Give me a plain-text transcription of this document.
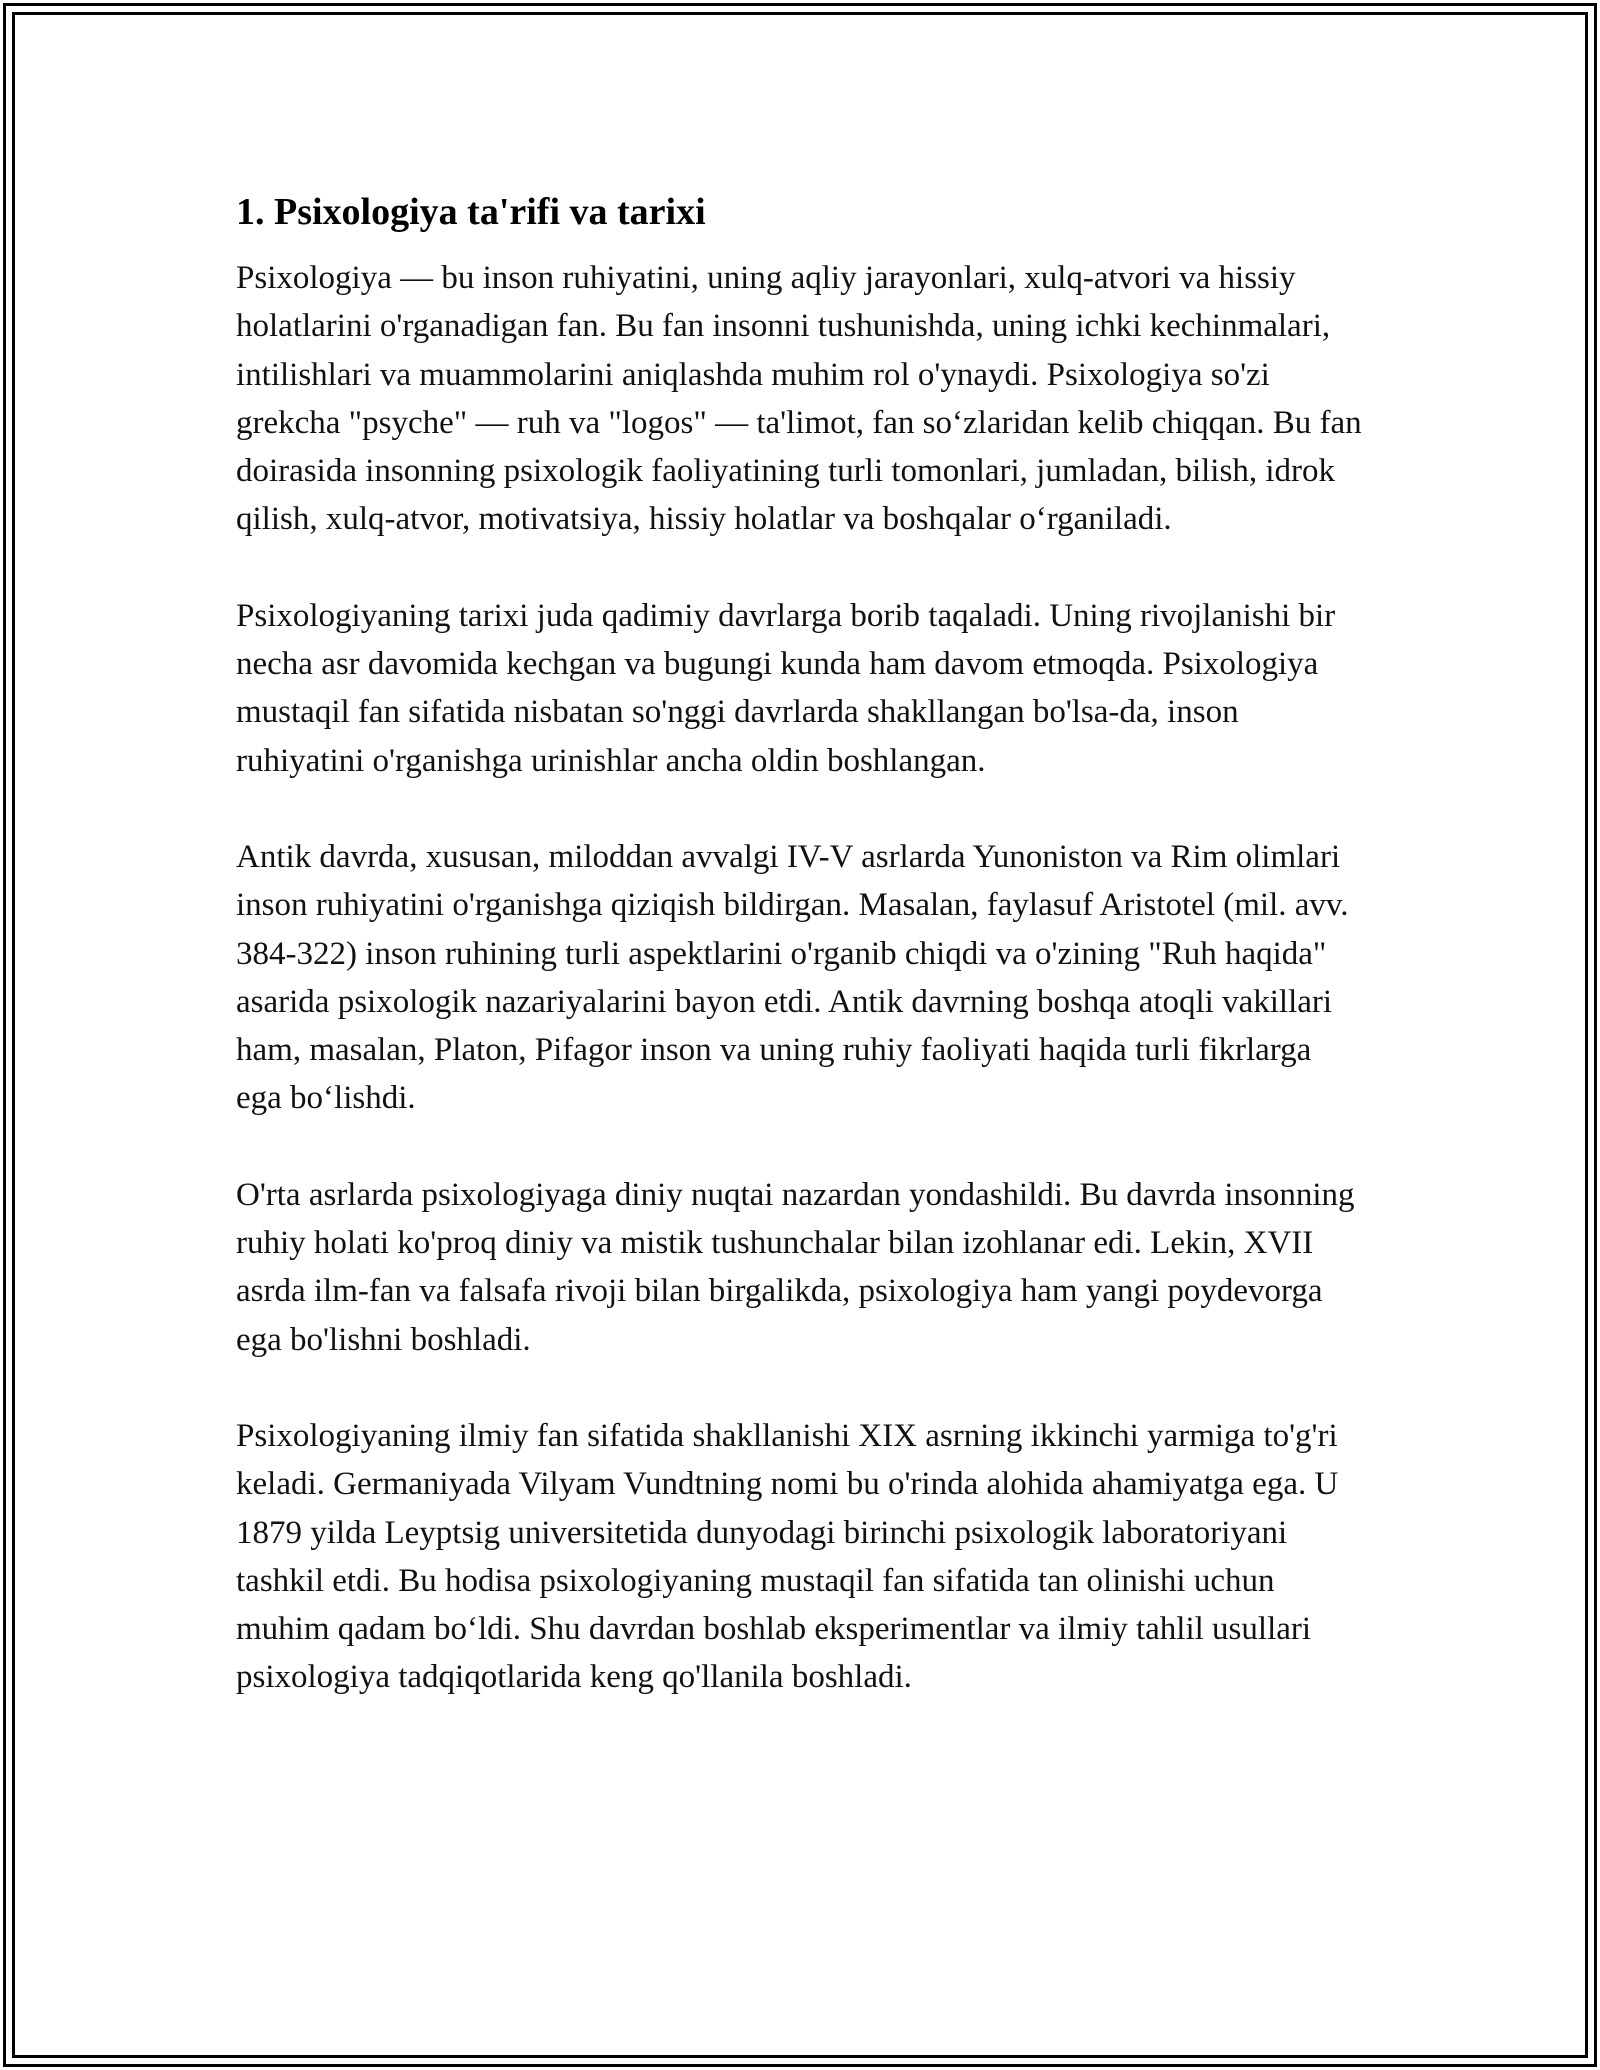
1. Psixologiya ta'rifi va tarixi

Psixologiya — bu inson ruhiyatini, uning aqliy jarayonlari, xulq-atvori va hissiy holatlarini o'rganadigan fan. Bu fan insonni tushunishda, uning ichki kechinmalari, intilishlari va muammolarini aniqlashda muhim rol o'ynaydi. Psixologiya so'zi grekcha "psyche" — ruh va "logos" — ta'limot, fan so‘zlaridan kelib chiqqan. Bu fan doirasida insonning psixologik faoliyatining turli tomonlari, jumladan, bilish, idrok qilish, xulq-atvor, motivatsiya, hissiy holatlar va boshqalar o‘rganiladi.

Psixologiyaning tarixi juda qadimiy davrlarga borib taqaladi. Uning rivojlanishi bir necha asr davomida kechgan va bugungi kunda ham davom etmoqda. Psixologiya mustaqil fan sifatida nisbatan so'nggi davrlarda shakllangan bo'lsa-da, inson ruhiyatini o'rganishga urinishlar ancha oldin boshlangan.

Antik davrda, xususan, miloddan avvalgi IV-V asrlarda Yunoniston va Rim olimlari inson ruhiyatini o'rganishga qiziqish bildirgan. Masalan, faylasuf Aristotel (mil. avv. 384-322) inson ruhining turli aspektlarini o'rganib chiqdi va o'zining "Ruh haqida" asarida psixologik nazariyalarini bayon etdi. Antik davrning boshqa atoqli vakillari ham, masalan, Platon, Pifagor inson va uning ruhiy faoliyati haqida turli fikrlarga ega bo‘lishdi.

O'rta asrlarda psixologiyaga diniy nuqtai nazardan yondashildi. Bu davrda insonning ruhiy holati ko'proq diniy va mistik tushunchalar bilan izohlanar edi. Lekin, XVII asrda ilm-fan va falsafa rivoji bilan birgalikda, psixologiya ham yangi poydevorga ega bo'lishni boshladi.

Psixologiyaning ilmiy fan sifatida shakllanishi XIX asrning ikkinchi yarmiga to'g'ri keladi. Germaniyada Vilyam Vundtning nomi bu o'rinda alohida ahamiyatga ega. U 1879 yilda Leyptsig universitetida dunyodagi birinchi psixologik laboratoriyani tashkil etdi. Bu hodisa psixologiyaning mustaqil fan sifatida tan olinishi uchun muhim qadam bo‘ldi. Shu davrdan boshlab eksperimentlar va ilmiy tahlil usullari psixologiya tadqiqotlarida keng qo'llanila boshladi.
